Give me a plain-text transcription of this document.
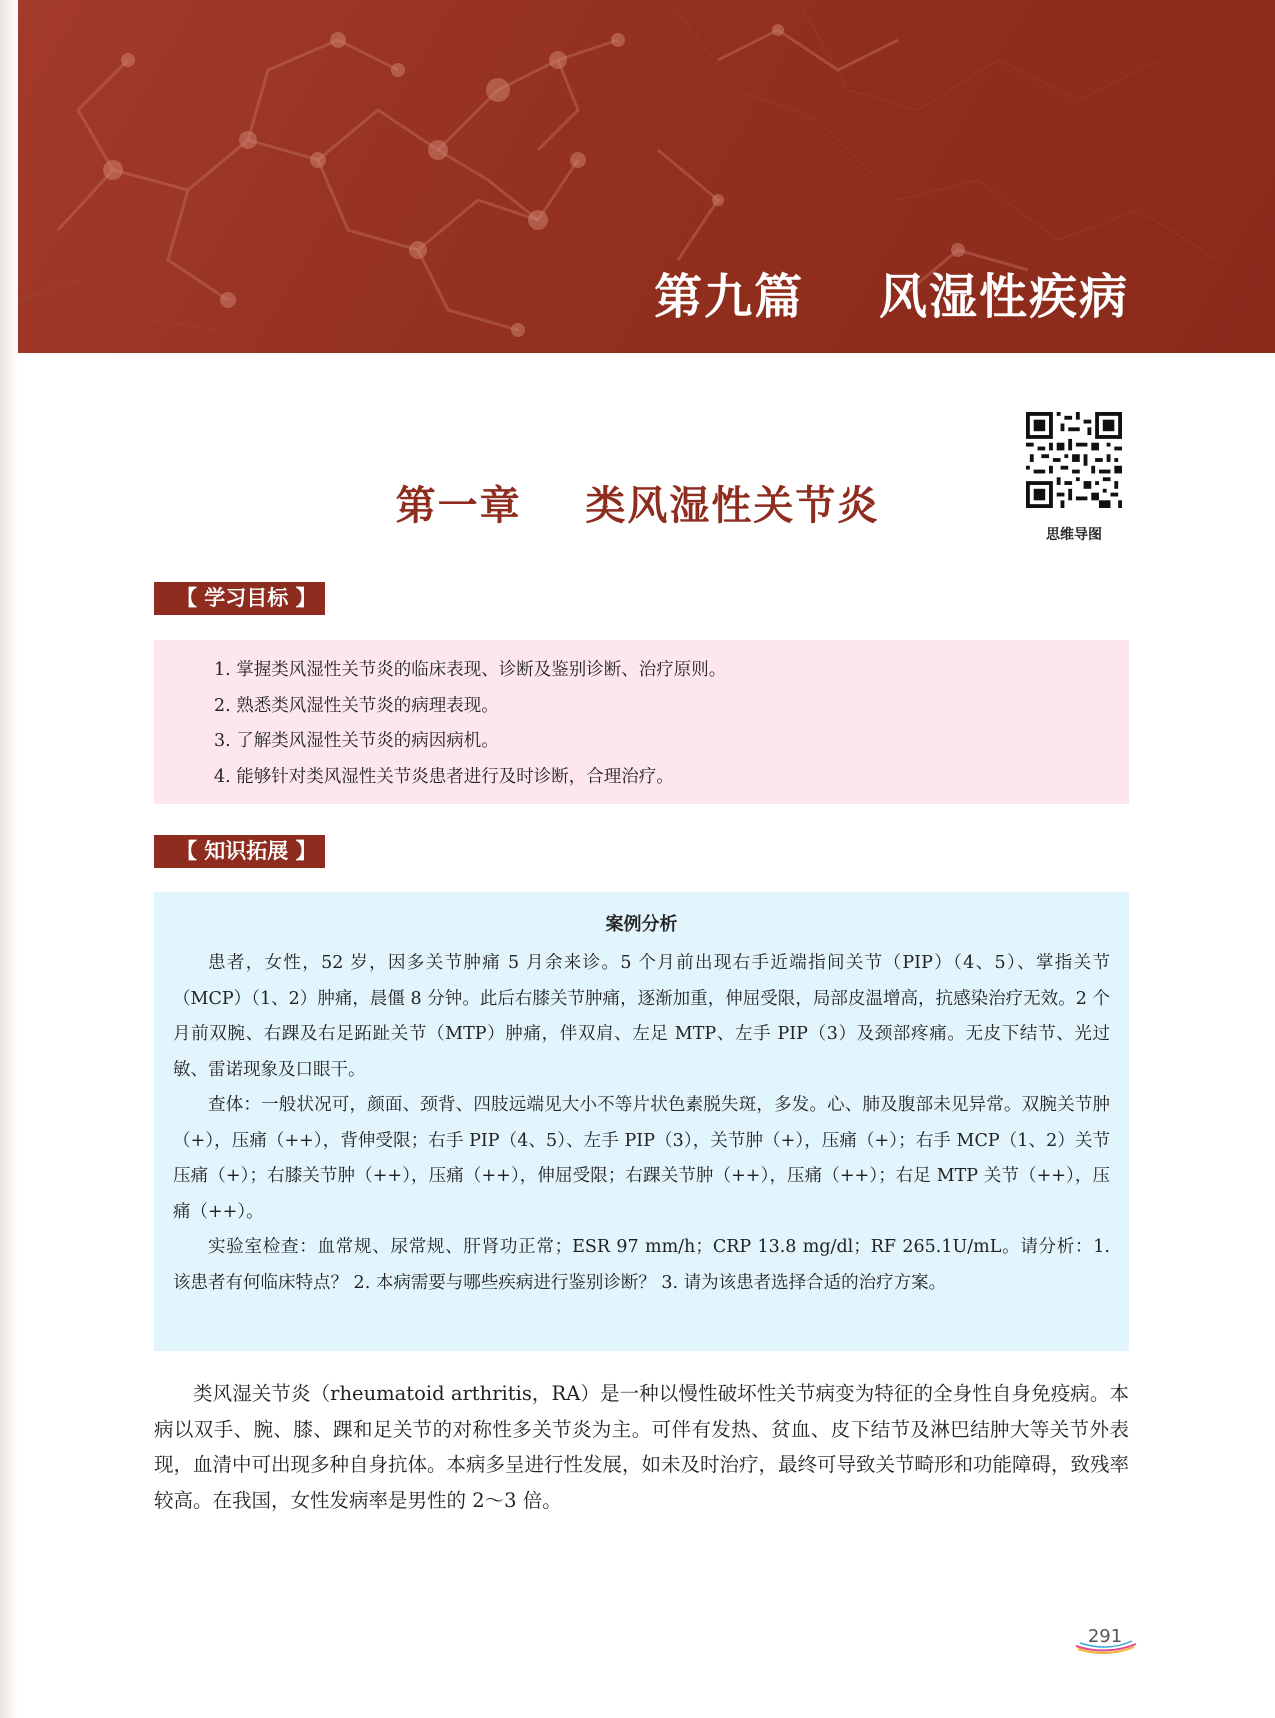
第九篇    风湿性疾病
第一章    类风湿性关节炎
思维导图
【 学习目标 】
1. 掌握类风湿性关节炎的临床表现、诊断及鉴别诊断、治疗原则。
2. 熟悉类风湿性关节炎的病理表现。
3. 了解类风湿性关节炎的病因病机。
4. 能够针对类风湿性关节炎患者进行及时诊断，合理治疗。
【 知识拓展 】
案例分析
患者，女性，52 岁，因多关节肿痛 5 月余来诊。5 个月前出现右手近端指间关节（PIP）（4、5）、掌指关节（MCP）（1、2）肿痛，晨僵 8 分钟。此后右膝关节肿痛，逐渐加重，伸屈受限，局部皮温增高，抗感染治疗无效。2 个月前双腕、右踝及右足跖趾关节（MTP）肿痛，伴双肩、左足 MTP、左手 PIP（3）及颈部疼痛。无皮下结节、光过敏、雷诺现象及口眼干。
查体：一般状况可，颜面、颈背、四肢远端见大小不等片状色素脱失斑，多发。心、肺及腹部未见异常。双腕关节肿（+），压痛（++），背伸受限；右手 PIP（4、5）、左手 PIP（3），关节肿（+），压痛（+）；右手 MCP（1、2）关节压痛（+）；右膝关节肿（++），压痛（++），伸屈受限；右踝关节肿（++），压痛（++）；右足 MTP 关节（++），压痛（++）。
实验室检查：血常规、尿常规、肝肾功正常；ESR 97 mm/h；CRP 13.8 mg/dl；RF 265.1U/mL。请分析：1. 该患者有何临床特点？ 2. 本病需要与哪些疾病进行鉴别诊断？ 3. 请为该患者选择合适的治疗方案。
类风湿关节炎（rheumatoid arthritis，RA）是一种以慢性破坏性关节病变为特征的全身性自身免疫病。本病以双手、腕、膝、踝和足关节的对称性多关节炎为主。可伴有发热、贫血、皮下结节及淋巴结肿大等关节外表现，血清中可出现多种自身抗体。本病多呈进行性发展，如未及时治疗，最终可导致关节畸形和功能障碍，致残率较高。在我国，女性发病率是男性的 2～3 倍。
291
